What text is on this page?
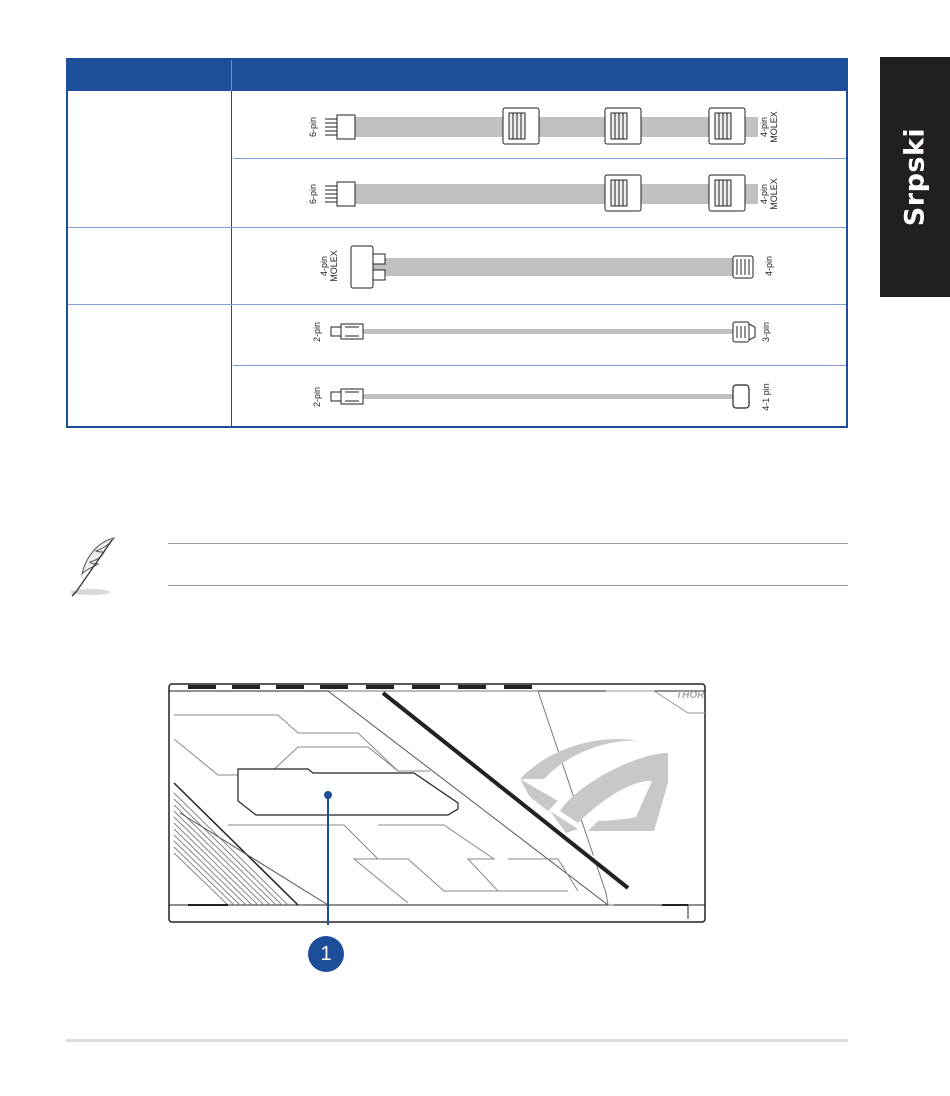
Srpski
6-pin	4-pin
MOLEX
6-pin	4-pin
MOLEX
4-pin
MOLEX	4-pin
2-pin	3-pin
2-pin	4-1 pin
THOR
1
